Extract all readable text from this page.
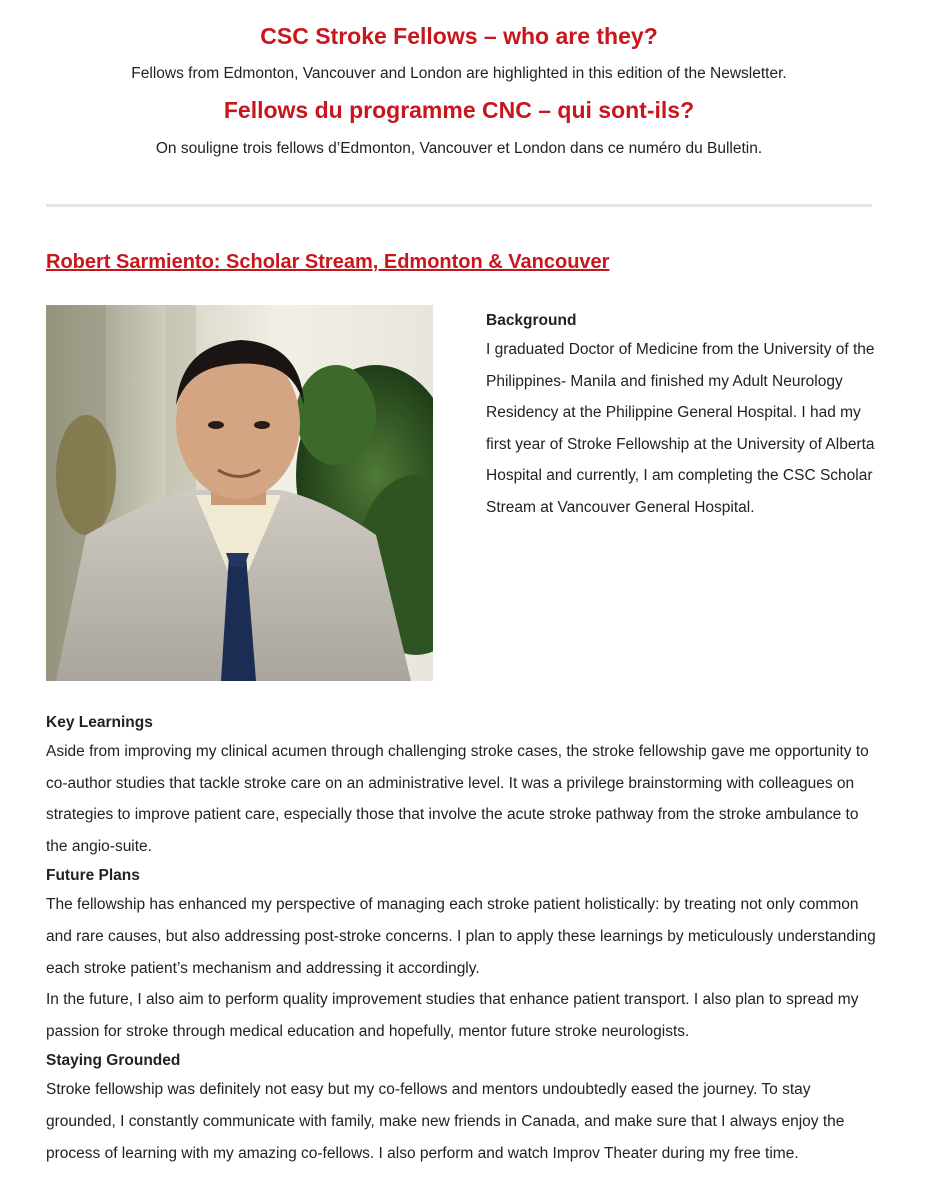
CSC Stroke Fellows – who are they?

Fellows from Edmonton, Vancouver and London are highlighted in this edition of the Newsletter.

Fellows du programme CNC – qui sont-ils?

On souligne trois fellows d’Edmonton, Vancouver et London dans ce numéro du Bulletin.

Robert Sarmiento: Scholar Stream, Edmonton & Vancouver

Background

I graduated Doctor of Medicine from the University of the Philippines- Manila and finished my Adult Neurology Residency at the Philippine General Hospital. I had my first year of Stroke Fellowship at the University of Alberta Hospital and currently, I am completing the CSC Scholar Stream at Vancouver General Hospital.

Key Learnings

Aside from improving my clinical acumen through challenging stroke cases, the stroke fellowship gave me opportunity to co-author studies that tackle stroke care on an administrative level. It was a privilege brainstorming with colleagues on strategies to improve patient care, especially those that involve the acute stroke pathway from the stroke ambulance to the angio-suite.

Future Plans

The fellowship has enhanced my perspective of managing each stroke patient holistically: by treating not only common and rare causes, but also addressing post-stroke concerns. I plan to apply these learnings by meticulously understanding each stroke patient’s mechanism and addressing it accordingly.

In the future, I also aim to perform quality improvement studies that enhance patient transport. I also plan to spread my passion for stroke through medical education and hopefully, mentor future stroke neurologists.

Staying Grounded

Stroke fellowship was definitely not easy but my co-fellows and mentors undoubtedly eased the journey. To stay grounded, I constantly communicate with family, make new friends in Canada, and make sure that I always enjoy the process of learning with my amazing co-fellows. I also perform and watch Improv Theater during my free time.
